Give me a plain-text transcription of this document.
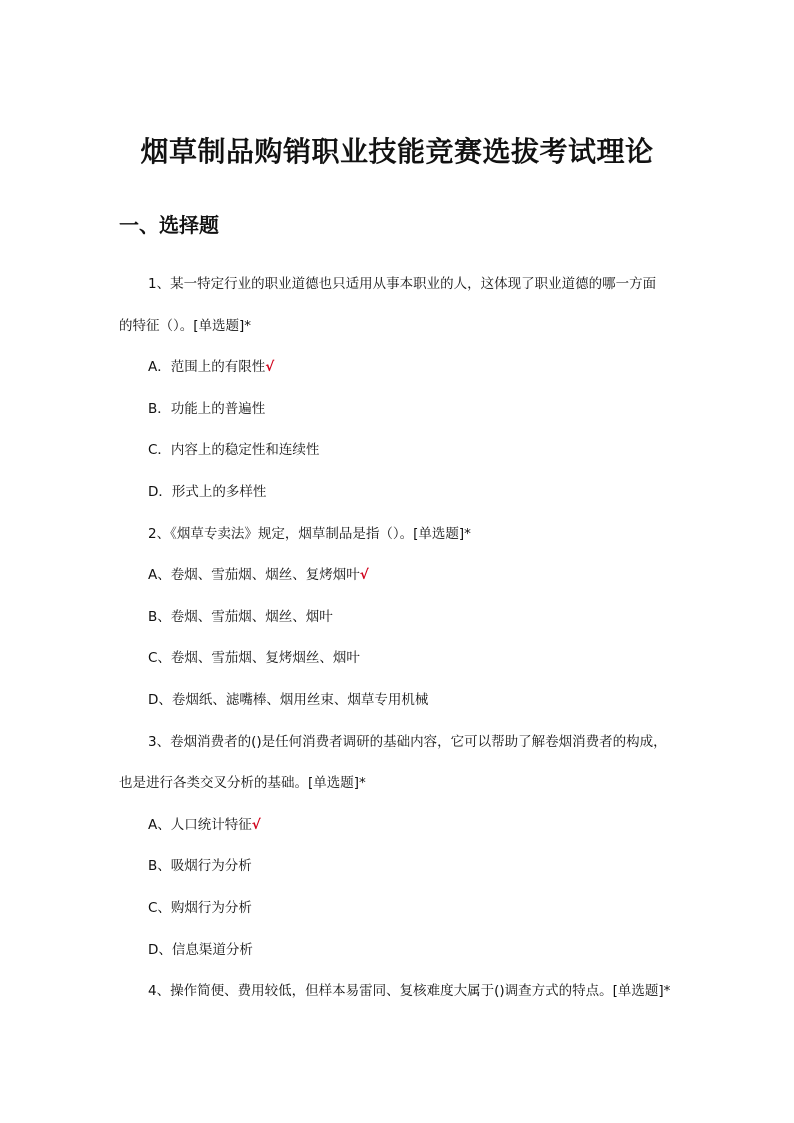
烟草制品购销职业技能竞赛选拔考试理论
一、选择题
1、某一特定行业的职业道德也只适用从事本职业的人，这体现了职业道德的哪一方面
的特征（）。[单选题]*
A．范围上的有限性√
B．功能上的普遍性
C．内容上的稳定性和连续性
D．形式上的多样性
2、《烟草专卖法》规定，烟草制品是指（）。[单选题]*
A、卷烟、雪茄烟、烟丝、复烤烟叶√
B、卷烟、雪茄烟、烟丝、烟叶
C、卷烟、雪茄烟、复烤烟丝、烟叶
D、卷烟纸、滤嘴棒、烟用丝束、烟草专用机械
3、卷烟消费者的()是任何消费者调研的基础内容，它可以帮助了解卷烟消费者的构成，
也是进行各类交叉分析的基础。[单选题]*
A、人口统计特征√
B、吸烟行为分析
C、购烟行为分析
D、信息渠道分析
4、操作简便、费用较低，但样本易雷同、复核难度大属于()调查方式的特点。[单选题]*
